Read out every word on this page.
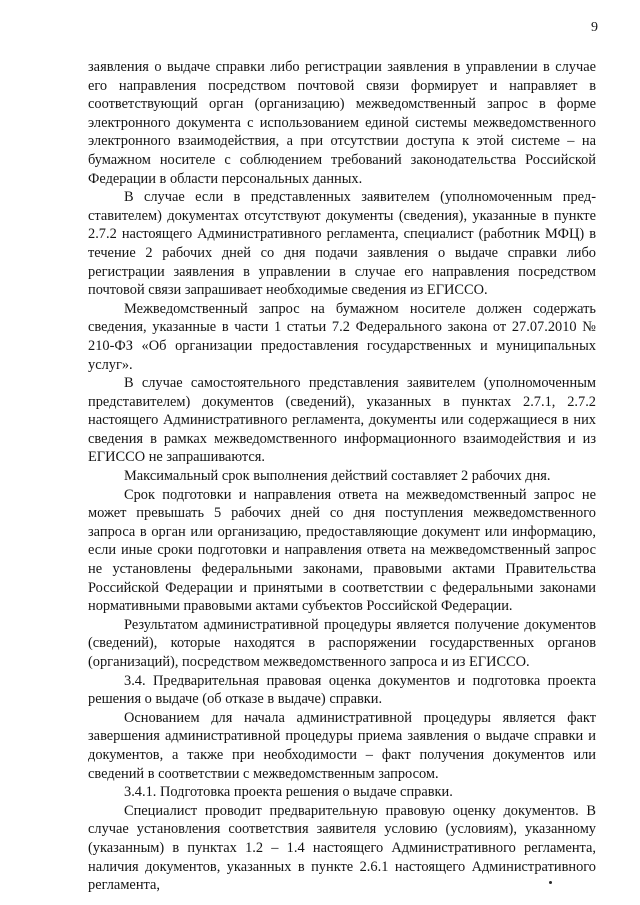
9

заявления о выдаче справки либо регистрации заявления в управлении в случае его направления посредством почтовой связи формирует и направляет в соответствующий орган (организацию) межведомственный запрос в форме электронного документа с использованием единой системы межведомственного электронного взаимодействия, а при отсутствии доступа к этой системе – на бумажном носителе с соблюдением требований законодательства Российской Федерации в области персональных данных.

В случае если в представленных заявителем (уполномоченным представителем) документах отсутствуют документы (сведения), указанные в пункте 2.7.2 настоящего Административного регламента, специалист (работник МФЦ) в течение 2 рабочих дней со дня подачи заявления о выдаче справки либо регистрации заявления в управлении в случае его направления посредством почтовой связи запрашивает необходимые сведения из ЕГИССО.

Межведомственный запрос на бумажном носителе должен содержать сведения, указанные в части 1 статьи 7.2 Федерального закона от 27.07.2010 № 210-ФЗ «Об организации предоставления государственных и муниципальных услуг».

В случае самостоятельного представления заявителем (уполномоченным представителем) документов (сведений), указанных в пунктах 2.7.1, 2.7.2 настоящего Административного регламента, документы или содержащиеся в них сведения в рамках межведомственного информационного взаимодействия и из ЕГИССО не запрашиваются.

Максимальный срок выполнения действий составляет 2 рабочих дня.

Срок подготовки и направления ответа на межведомственный запрос не может превышать 5 рабочих дней со дня поступления межведомственного запроса в орган или организацию, предоставляющие документ или информацию, если иные сроки подготовки и направления ответа на межведомственный запрос не установлены федеральными законами, правовыми актами Правительства Российской Федерации и принятыми в соответствии с федеральными законами нормативными правовыми актами субъектов Российской Федерации.

Результатом административной процедуры является получение документов (сведений), которые находятся в распоряжении государственных органов (организаций), посредством межведомственного запроса и из ЕГИССО.

3.4. Предварительная правовая оценка документов и подготовка проекта решения о выдаче (об отказе в выдаче) справки.

Основанием для начала административной процедуры является факт завершения административной процедуры приема заявления о выдаче справки и документов, а также при необходимости – факт получения документов или сведений в соответствии с межведомственным запросом.

3.4.1. Подготовка проекта решения о выдаче справки.

Специалист проводит предварительную правовую оценку документов. В случае установления соответствия заявителя условию (условиям), указанному (указанным) в пунктах 1.2 – 1.4 настоящего Административного регламента, наличия документов, указанных в пункте 2.6.1 настоящего Административного регламента,
